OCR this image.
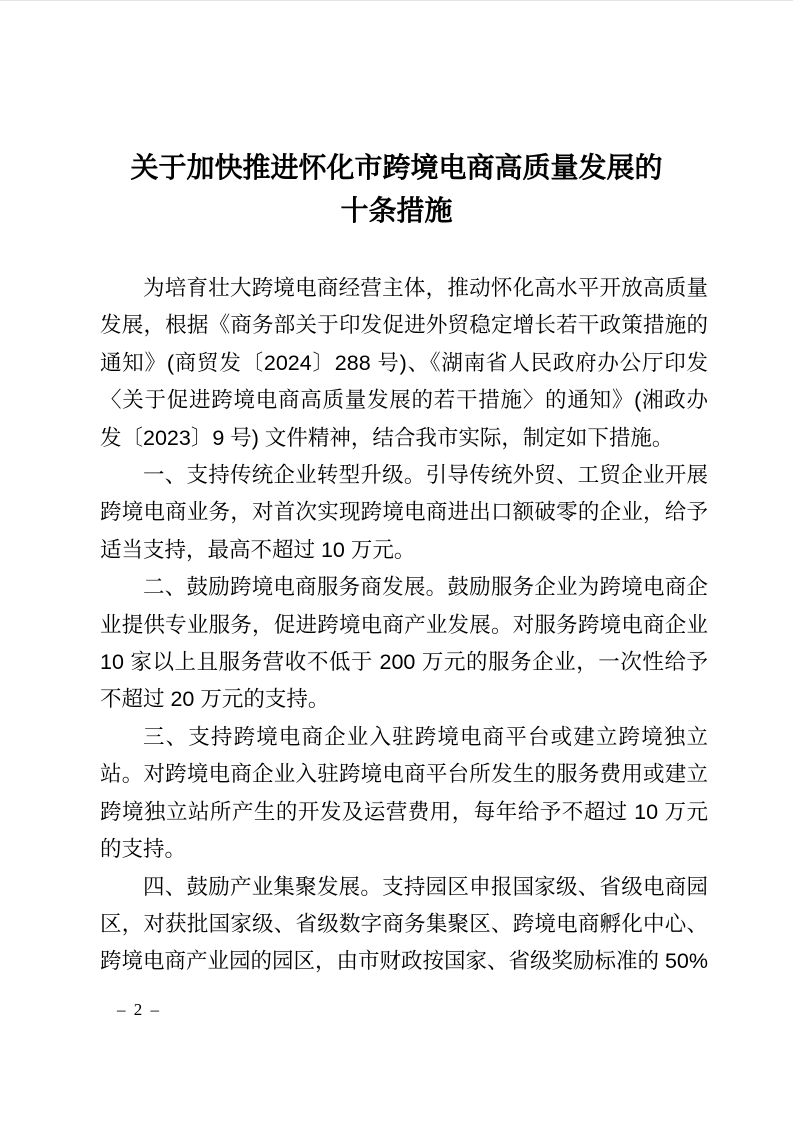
关于加快推进怀化市跨境电商高质量发展的
十条措施
为培育壮大跨境电商经营主体，推动怀化高水平开放高质量
发展，根据《商务部关于印发促进外贸稳定增长若干政策措施的
通知》(商贸发〔2024〕288 号)、《湖南省人民政府办公厅印发
〈关于促进跨境电商高质量发展的若干措施〉的通知》(湘政办
发〔2023〕9 号) 文件精神，结合我市实际，制定如下措施。
一、支持传统企业转型升级。引导传统外贸、工贸企业开展
跨境电商业务，对首次实现跨境电商进出口额破零的企业，给予
适当支持，最高不超过 10 万元。
二、鼓励跨境电商服务商发展。鼓励服务企业为跨境电商企
业提供专业服务，促进跨境电商产业发展。对服务跨境电商企业
10 家以上且服务营收不低于 200 万元的服务企业，一次性给予
不超过 20 万元的支持。
三、支持跨境电商企业入驻跨境电商平台或建立跨境独立
站。对跨境电商企业入驻跨境电商平台所发生的服务费用或建立
跨境独立站所产生的开发及运营费用，每年给予不超过 10 万元
的支持。
四、鼓励产业集聚发展。支持园区申报国家级、省级电商园
区，对获批国家级、省级数字商务集聚区、跨境电商孵化中心、
跨境电商产业园的园区，由市财政按国家、省级奖励标准的 50%
– 2 –
